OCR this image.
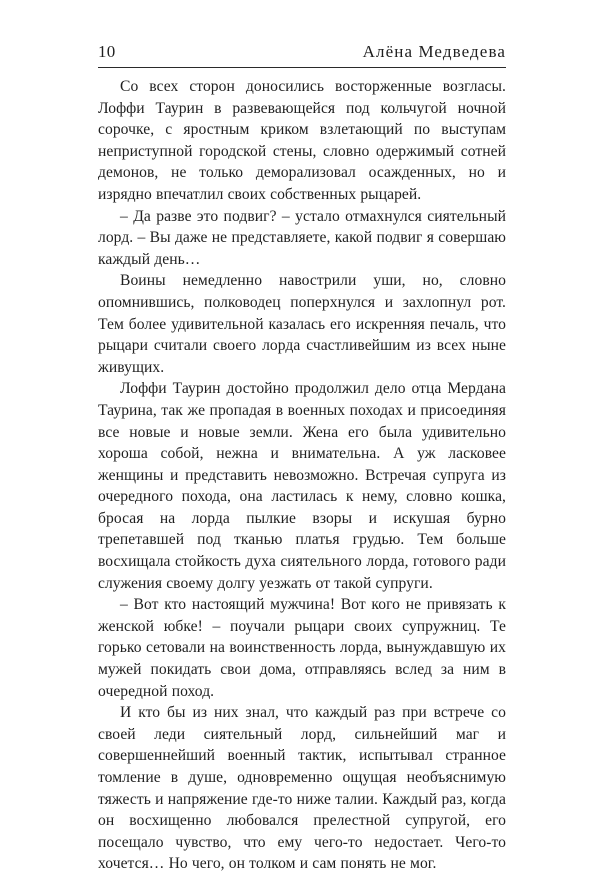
10	Алёна Медведева

Со всех сторон доносились восторженные возгласы. Лоффи Таурин в развевающейся под кольчугой ночной сорочке, с яростным криком взлетающий по выступам неприступной городской стены, словно одержимый сотней демонов, не только деморализовал осажденных, но и изрядно впечатлил своих собственных рыцарей.

– Да разве это подвиг? – устало отмахнулся сиятельный лорд. – Вы даже не представляете, какой подвиг я совершаю каждый день…

Воины немедленно навострили уши, но, словно опомнившись, полководец поперхнулся и захлопнул рот. Тем более удивительной казалась его искренняя печаль, что рыцари считали своего лорда счастливейшим из всех ныне живущих.

Лоффи Таурин достойно продолжил дело отца Мердана Таурина, так же пропадая в военных походах и присоединяя все новые и новые земли. Жена его была удивительно хороша собой, нежна и внимательна. А уж ласковее женщины и представить невозможно. Встречая супруга из очередного похода, она ластилась к нему, словно кошка, бросая на лорда пылкие взоры и искушая бурно трепетавшей под тканью платья грудью. Тем больше восхищала стойкость духа сиятельного лорда, готового ради служения своему долгу уезжать от такой супруги.

– Вот кто настоящий мужчина! Вот кого не привязать к женской юбке! – поучали рыцари своих супружниц. Те горько сетовали на воинственность лорда, вынуждавшую их мужей покидать свои дома, отправляясь вслед за ним в очередной поход.

И кто бы из них знал, что каждый раз при встрече со своей леди сиятельный лорд, сильнейший маг и совершеннейший военный тактик, испытывал странное томление в душе, одновременно ощущая необъяснимую тяжесть и напряжение где-то ниже талии. Каждый раз, когда он восхищенно любовался прелестной супругой, его посещало чувство, что ему чего-то недостает. Чего-то хочется… Но чего, он толком и сам понять не мог.
